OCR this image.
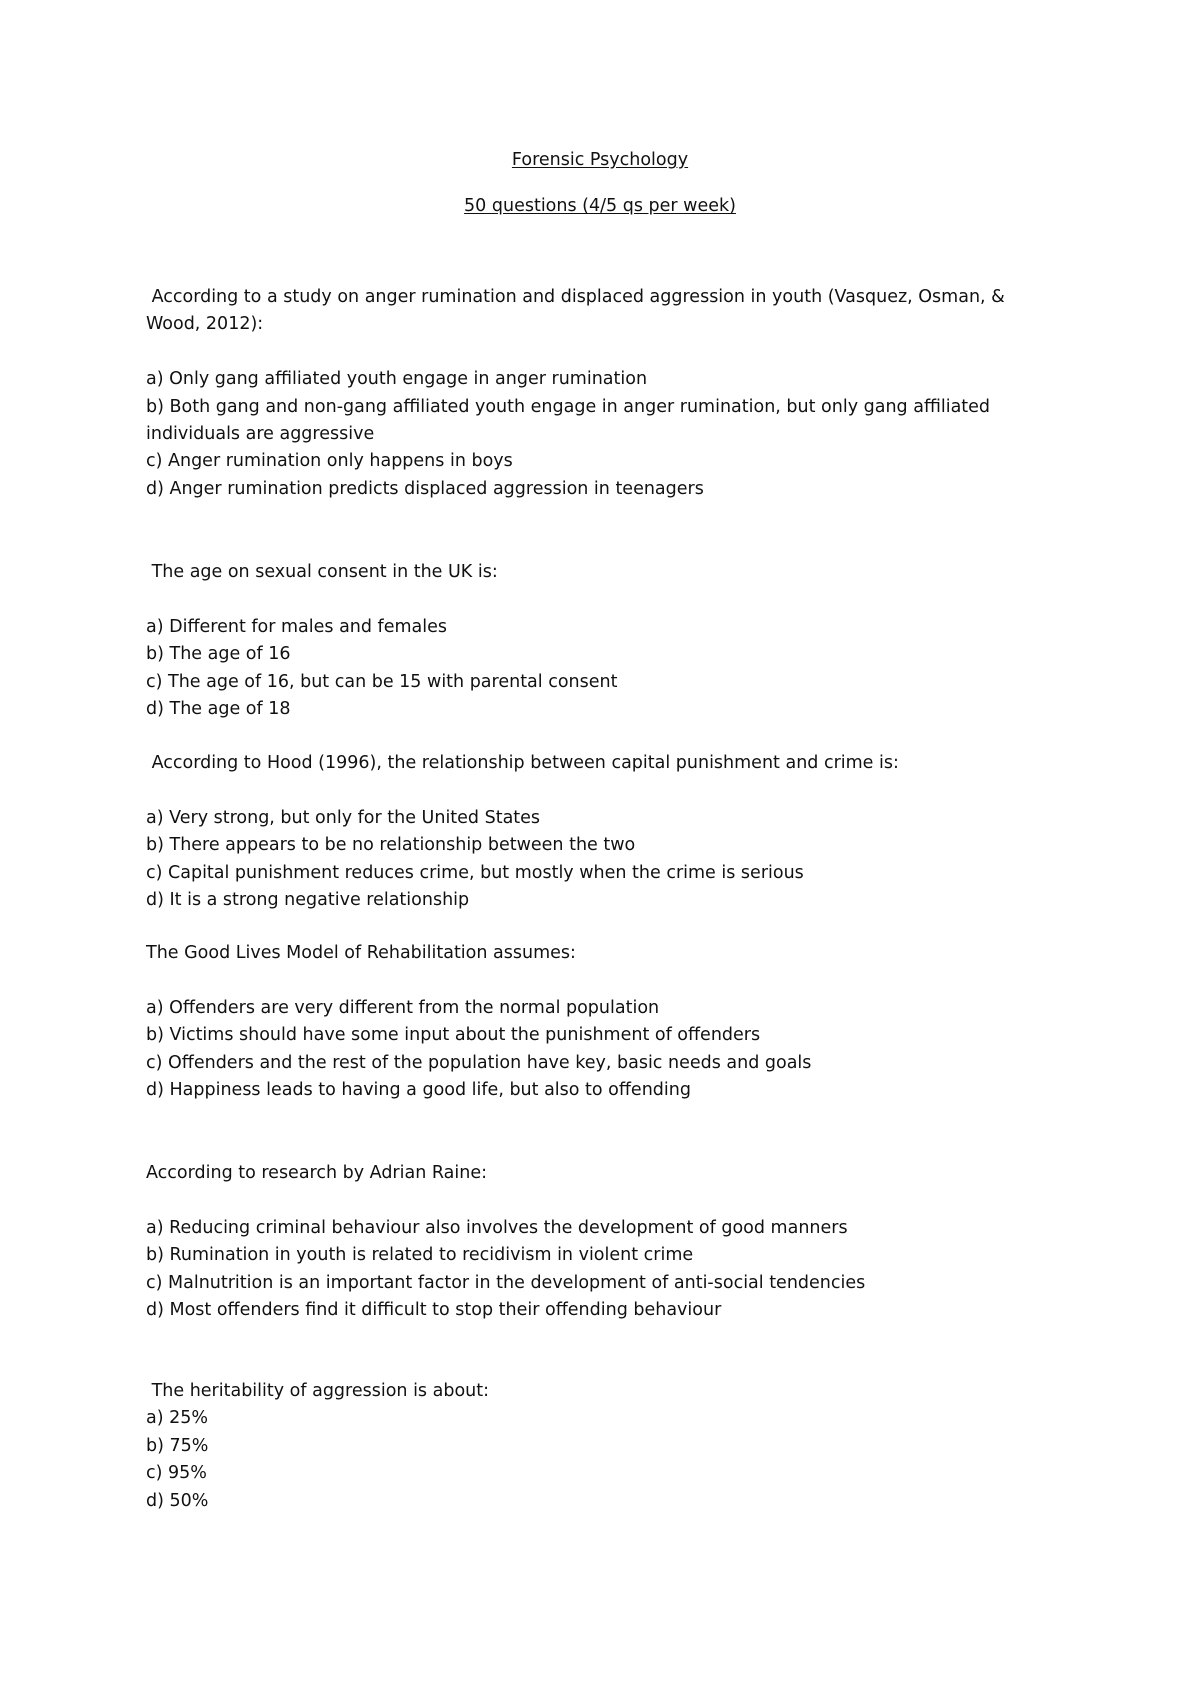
Forensic Psychology
50 questions (4/5 qs per week)
According to a study on anger rumination and displaced aggression in youth (Vasquez, Osman, & Wood, 2012):
a) Only gang affiliated youth engage in anger rumination
b) Both gang and non-gang affiliated youth engage in anger rumination, but only gang affiliated individuals are aggressive
c) Anger rumination only happens in boys
d) Anger rumination predicts displaced aggression in teenagers
The age on sexual consent in the UK is:
a) Different for males and females
b) The age of 16
c) The age of 16, but can be 15 with parental consent
d) The age of 18
According to Hood (1996), the relationship between capital punishment and crime is:
a) Very strong, but only for the United States
b) There appears to be no relationship between the two
c) Capital punishment reduces crime, but mostly when the crime is serious
d) It is a strong negative relationship
The Good Lives Model of Rehabilitation assumes:
a) Offenders are very different from the normal population
b) Victims should have some input about the punishment of offenders
c) Offenders and the rest of the population have key, basic needs and goals
d) Happiness leads to having a good life, but also to offending
According to research by Adrian Raine:
a) Reducing criminal behaviour also involves the development of good manners
b) Rumination in youth is related to recidivism in violent crime
c) Malnutrition is an important factor in the development of anti-social tendencies
d) Most offenders find it difficult to stop their offending behaviour
The heritability of aggression is about:
a) 25%
b) 75%
c) 95%
d) 50%
